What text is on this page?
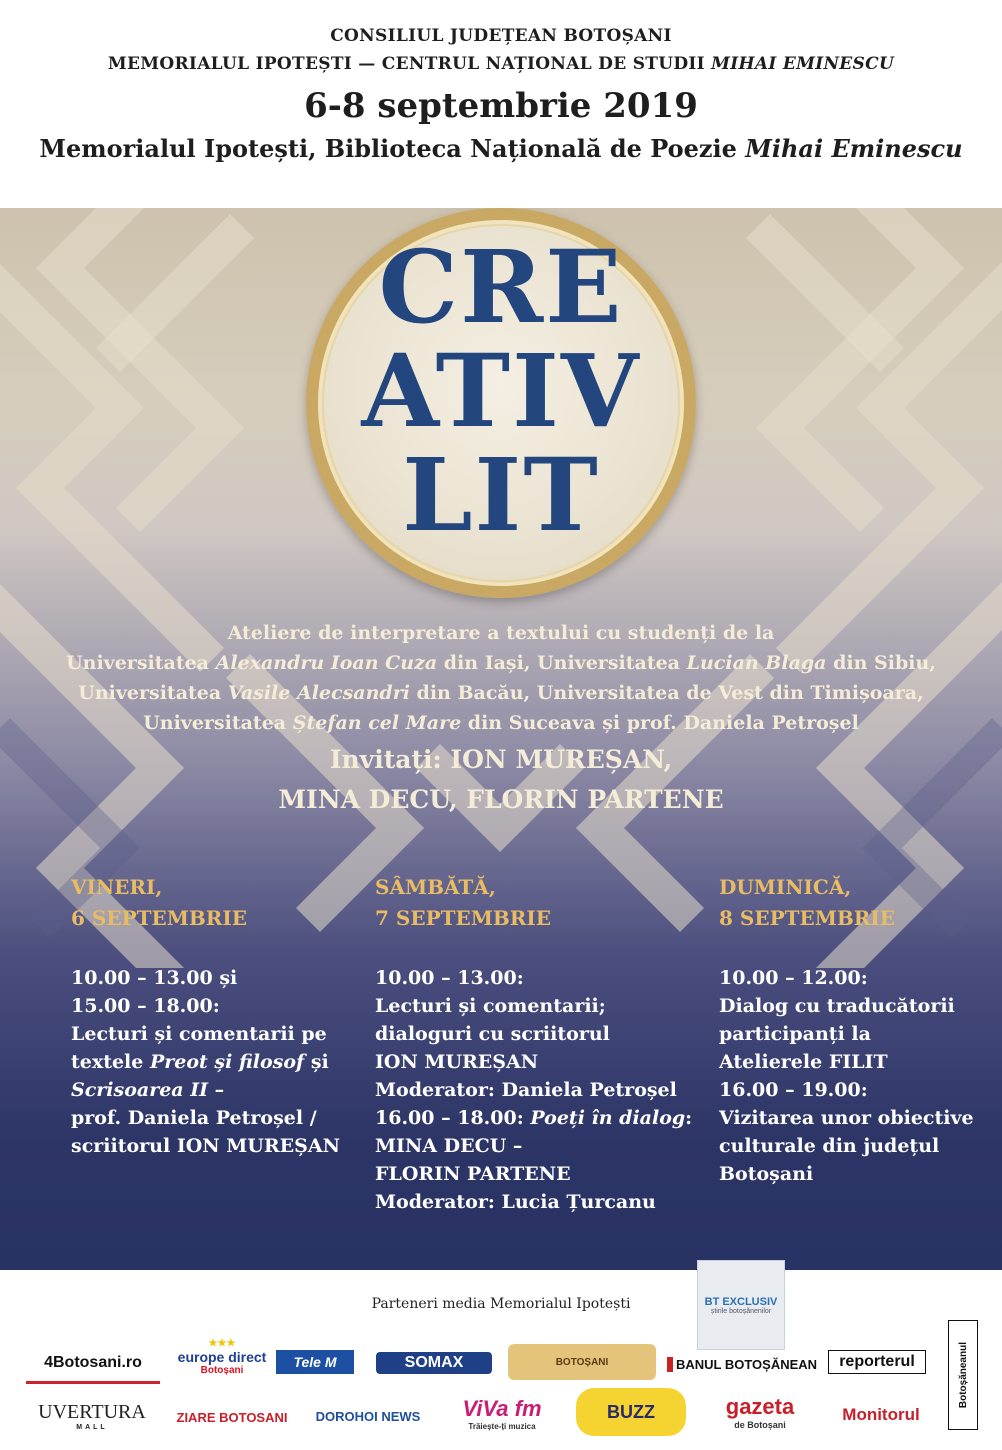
CONSILIUL JUDEȚEAN BOTOȘANI
MEMORIALUL IPOTEȘTI — CENTRUL NAȚIONAL DE STUDII MIHAI EMINESCU
6-8 septembrie 2019
Memorialul Ipotești, Biblioteca Națională de Poezie Mihai Eminescu
CRE
ATIV
LIT
Ateliere de interpretare a textului cu studenți de la
Universitatea Alexandru Ioan Cuza din Iași, Universitatea Lucian Blaga din Sibiu,
Universitatea Vasile Alecsandri din Bacău, Universitatea de Vest din Timișoara,
Universitatea Ștefan cel Mare din Suceava și prof. Daniela Petroșel
Invitați: ION MUREȘAN,
MINA DECU, FLORIN PARTENE
VINERI,
6 SEPTEMBRIE
10.00 – 13.00 și
15.00 – 18.00:
Lecturi și comentarii pe
textele Preot și filosof și
Scrisoarea II –
prof. Daniela Petroșel /
scriitorul ION MUREȘAN
SÂMBĂTĂ,
7 SEPTEMBRIE
10.00 – 13.00:
Lecturi și comentarii;
dialoguri cu scriitorul
ION MUREȘAN
Moderator: Daniela Petroșel
16.00 – 18.00: Poeți în dialog:
MINA DECU –
FLORIN PARTENE
Moderator: Lucia Țurcanu
DUMINICĂ,
8 SEPTEMBRIE
10.00 – 12.00:
Dialog cu traducătorii
participanți la
Atelierele FILIT
16.00 – 19.00:
Vizitarea unor obiective
culturale din județul
Botoșani
Parteneri media Memorialul Ipotești	BT EXCLUSIV
știrile botoșănenilor
4Botosani.ro
★★★
europe direct
Botoșani
Tele M	SOMAX	BOTOȘANI	BANUL BOTOȘĂNEAN reporterul	Botoșăneanul
UVERTURA
MALL
ZIARE BOTOSANI DOROHOI NEWS ViVa fm
Trăiește-ți muzica
BUZZ	gazeta
de Botoșani
Monitorul
